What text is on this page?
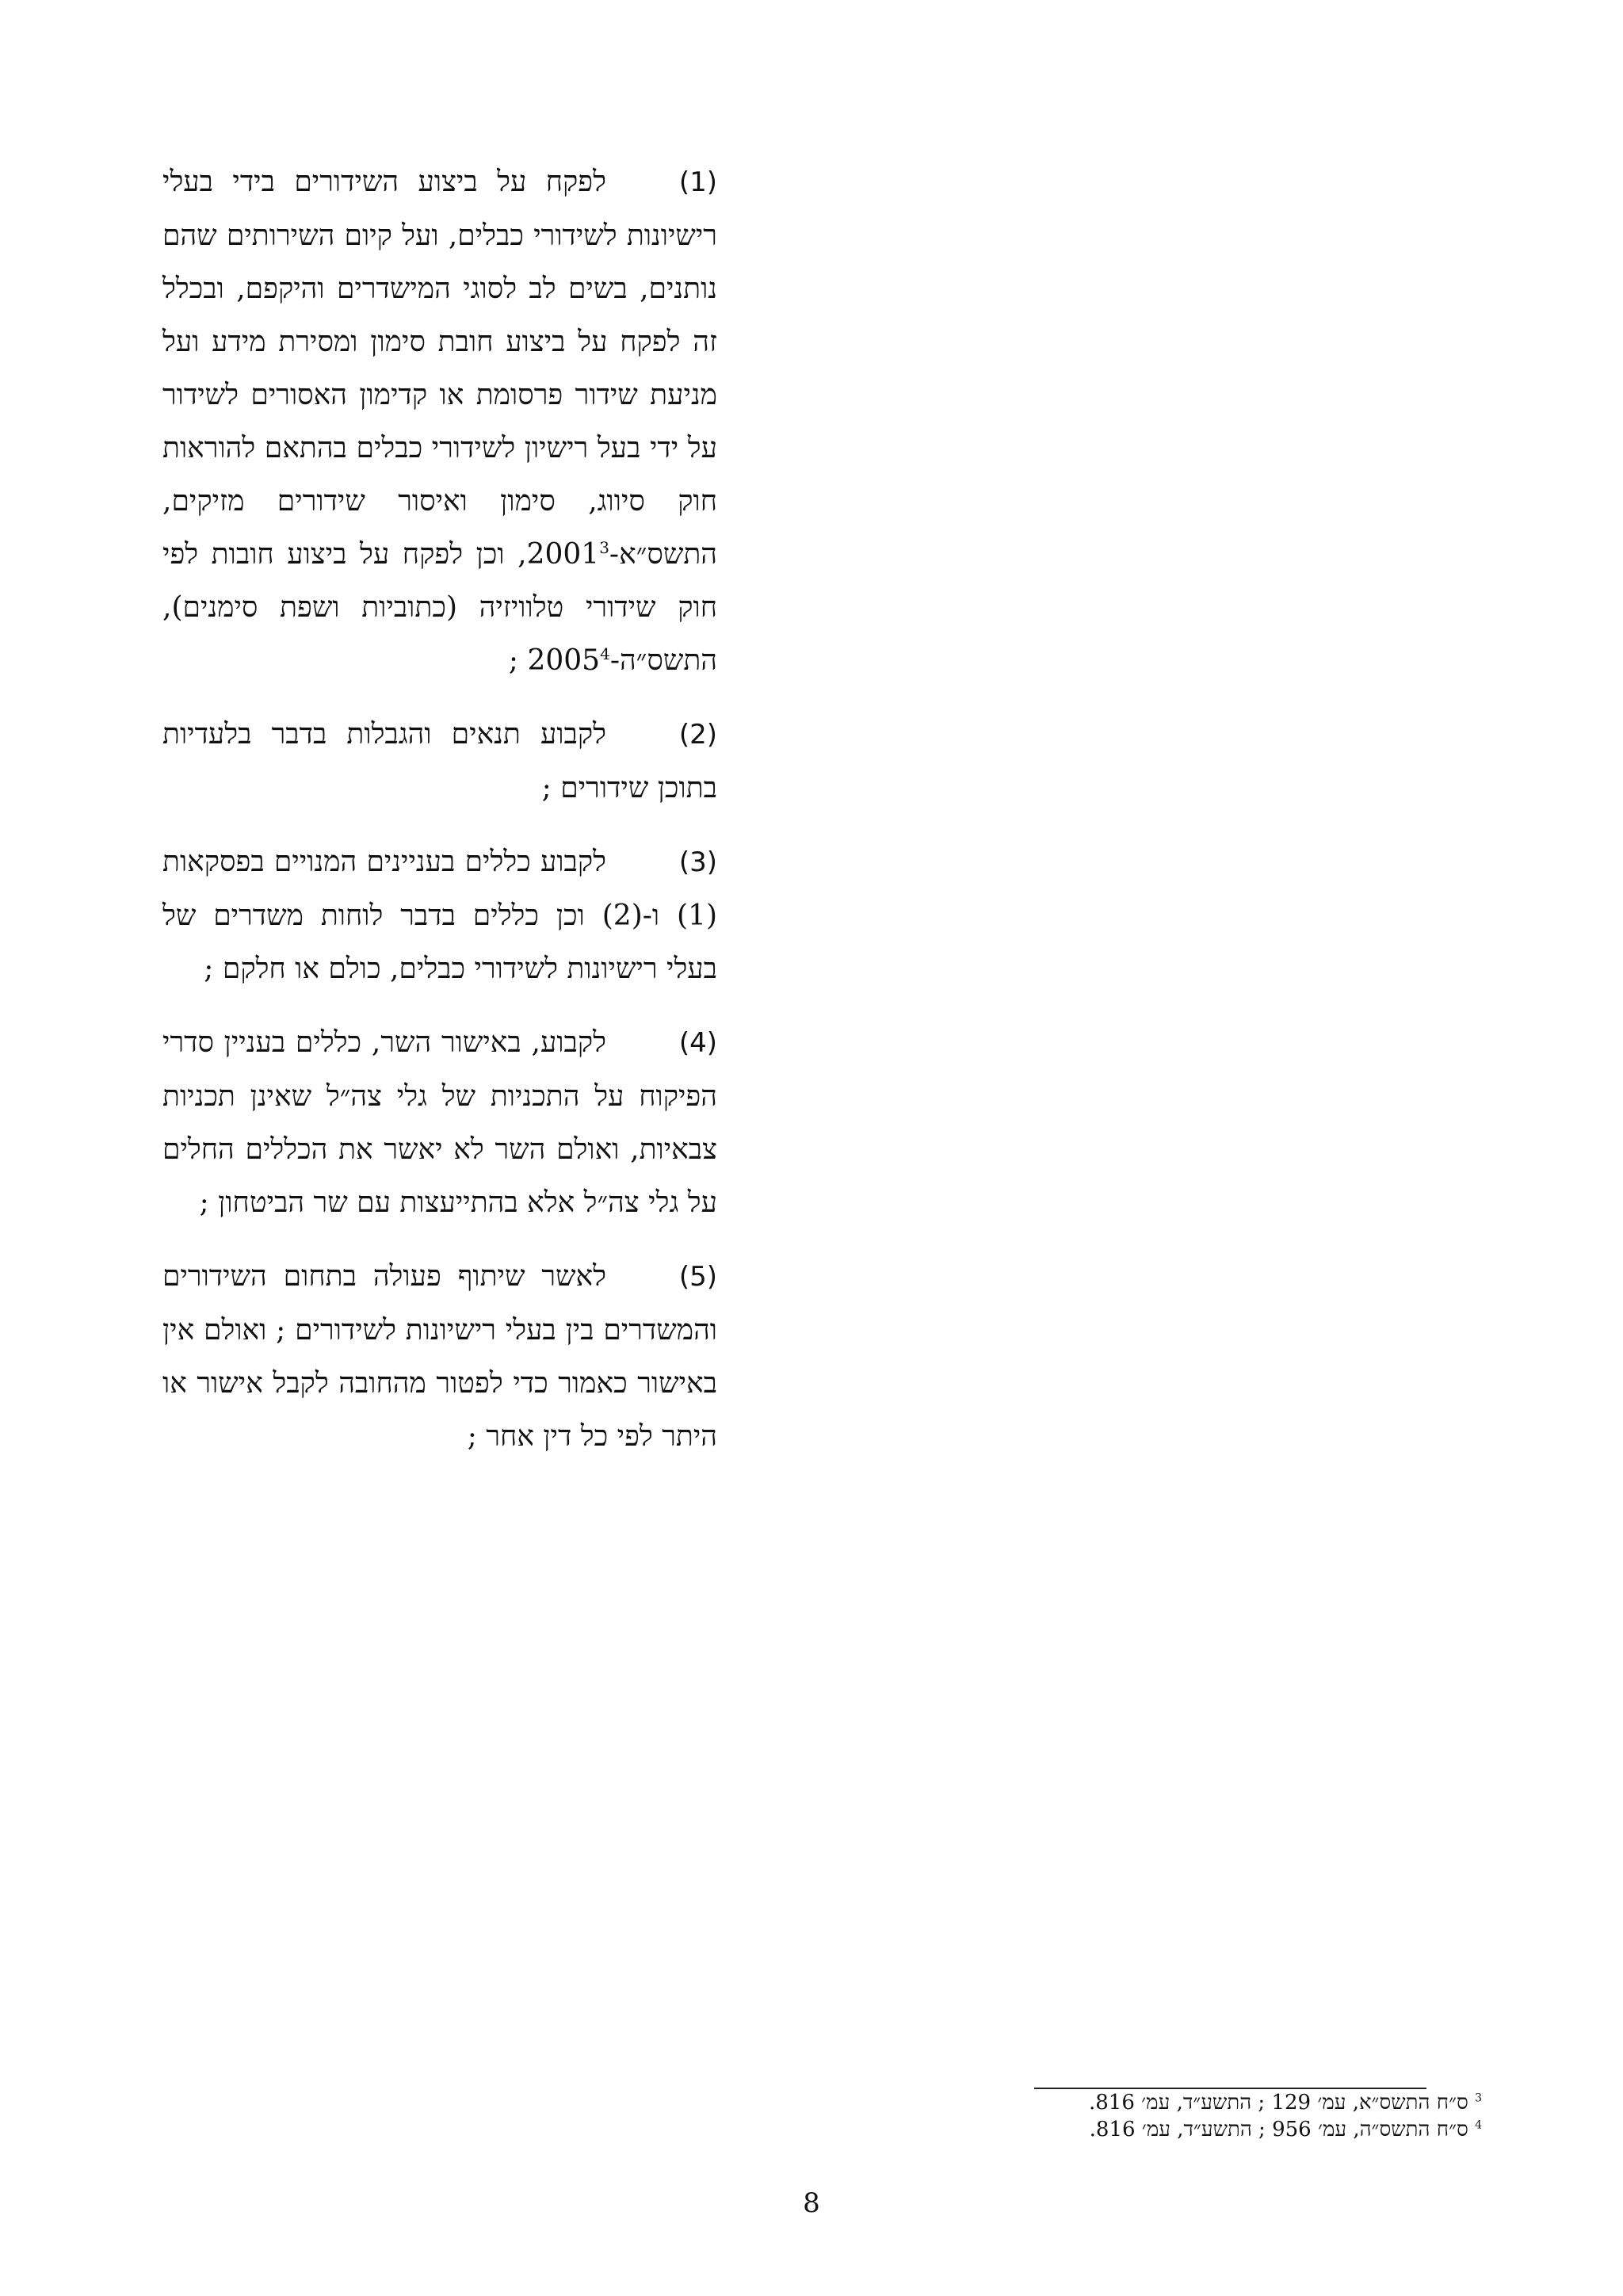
(1)לפקח על ביצוע השידורים בידי בעלי רישיונות לשידורי כבלים, ועל קיום השירותים שהם נותנים, בשים לב לסוגי המישדרים והיקפם, ובכלל זה לפקח על ביצוע חובת סימון ומסירת מידע ועל מניעת שידור פרסומת או קדימון האסורים לשידור על ידי בעל רישיון לשידורי כבלים בהתאם להוראות חוק סיווג, סימון ואיסור שידורים מזיקים, התשס״א-2001$^3$, וכן לפקח על ביצוע חובות לפי חוק שידורי טלוויזיה (כתוביות ושפת סימנים), התשס״ה-2005$^4$ ;

(2)לקבוע תנאים והגבלות בדבר בלעדיות בתוכן שידורים ;

(3)לקבוע כללים בעניינים המנויים בפסקאות (1) ו-(2) וכן כללים בדבר לוחות משדרים של בעלי רישיונות לשידורי כבלים, כולם או חלקם ;

(4)לקבוע, באישור השר, כללים בעניין סדרי הפיקוח על התכניות של גלי צה״ל שאינן תכניות צבאיות, ואולם השר לא יאשר את הכללים החלים על גלי צה״ל אלא בהתייעצות עם שר הביטחון ;

(5)לאשר שיתוף פעולה בתחום השידורים והמשדרים בין בעלי רישיונות לשידורים ; ואולם אין באישור כאמור כדי לפטור מהחובה לקבל אישור או היתר לפי כל דין אחר ;

$^3$ ס״ח התשס״א, עמ׳ 129 ; התשע״ד, עמ׳ 816.

$^4$ ס״ח התשס״ה, עמ׳ 956 ; התשע״ד, עמ׳ 816.

8
